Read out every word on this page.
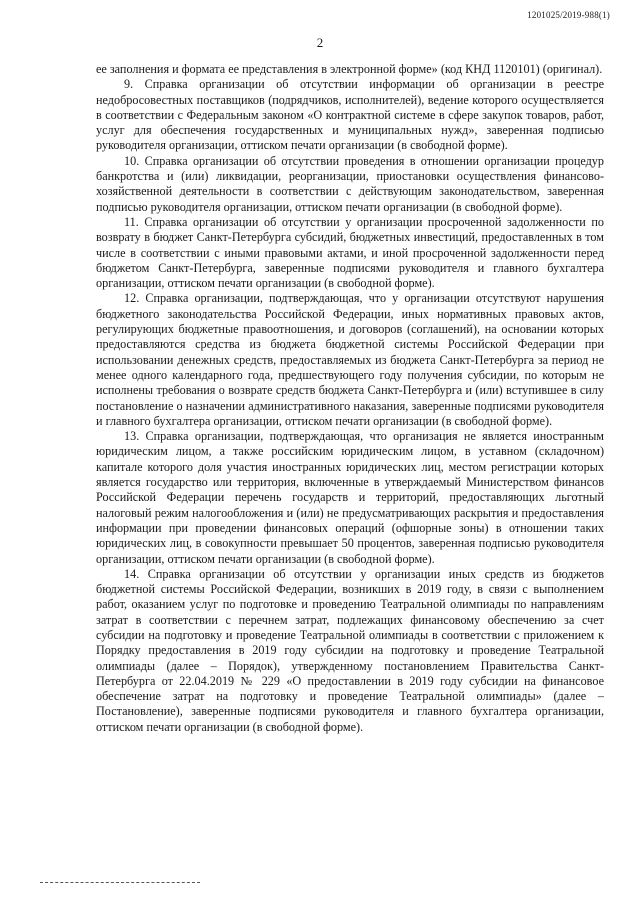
1201025/2019-988(1)
2

ее заполнения и формата ее представления в электронной форме» (код КНД 1120101) (оригинал).

9. Справка организации об отсутствии информации об организации в реестре недобросовестных поставщиков (подрядчиков, исполнителей), ведение которого осуществляется в соответствии с Федеральным законом «О контрактной системе в сфере закупок товаров, работ, услуг для обеспечения государственных и муниципальных нужд», заверенная подписью руководителя организации, оттиском печати организации (в свободной форме).

10. Справка организации об отсутствии проведения в отношении организации процедур банкротства и (или) ликвидации, реорганизации, приостановки осуществления финансово-хозяйственной деятельности в соответствии с действующим законодательством, заверенная подписью руководителя организации, оттиском печати организации (в свободной форме).

11. Справка организации об отсутствии у организации просроченной задолженности по возврату в бюджет Санкт-Петербурга субсидий, бюджетных инвестиций, предоставленных в том числе в соответствии с иными правовыми актами, и иной просроченной задолженности перед бюджетом Санкт-Петербурга, заверенные подписями руководителя и главного бухгалтера организации, оттиском печати организации (в свободной форме).

12. Справка организации, подтверждающая, что у организации отсутствуют нарушения бюджетного законодательства Российской Федерации, иных нормативных правовых актов, регулирующих бюджетные правоотношения, и договоров (соглашений), на основании которых предоставляются средства из бюджета бюджетной системы Российской Федерации при использовании денежных средств, предоставляемых из бюджета Санкт-Петербурга за период не менее одного календарного года, предшествующего году получения субсидии, по которым не исполнены требования о возврате средств бюджета Санкт-Петербурга и (или) вступившее в силу постановление о назначении административного наказания, заверенные подписями руководителя и главного бухгалтера организации, оттиском печати организации (в свободной форме).

13. Справка организации, подтверждающая, что организация не является иностранным юридическим лицом, а также российским юридическим лицом, в уставном (складочном) капитале которого доля участия иностранных юридических лиц, местом регистрации которых является государство или территория, включенные в утверждаемый Министерством финансов Российской Федерации перечень государств и территорий, предоставляющих льготный налоговый режим налогообложения и (или) не предусматривающих раскрытия и предоставления информации при проведении финансовых операций (офшорные зоны) в отношении таких юридических лиц, в совокупности превышает 50 процентов, заверенная подписью руководителя организации, оттиском печати организации (в свободной форме).

14. Справка организации об отсутствии у организации иных средств из бюджетов бюджетной системы Российской Федерации, возникших в 2019 году, в связи с выполнением работ, оказанием услуг по подготовке и проведению Театральной олимпиады по направлениям затрат в соответствии с перечнем затрат, подлежащих финансовому обеспечению за счет субсидии на подготовку и проведение Театральной олимпиады в соответствии с приложением к Порядку предоставления в 2019 году субсидии на подготовку и проведение Театральной олимпиады (далее – Порядок), утвержденному постановлением Правительства Санкт-Петербурга от 22.04.2019 № 229 «О предоставлении в 2019 году субсидии на финансовое обеспечение затрат на подготовку и проведение Театральной олимпиады» (далее – Постановление), заверенные подписями руководителя и главного бухгалтера организации, оттиском печати организации (в свободной форме).
